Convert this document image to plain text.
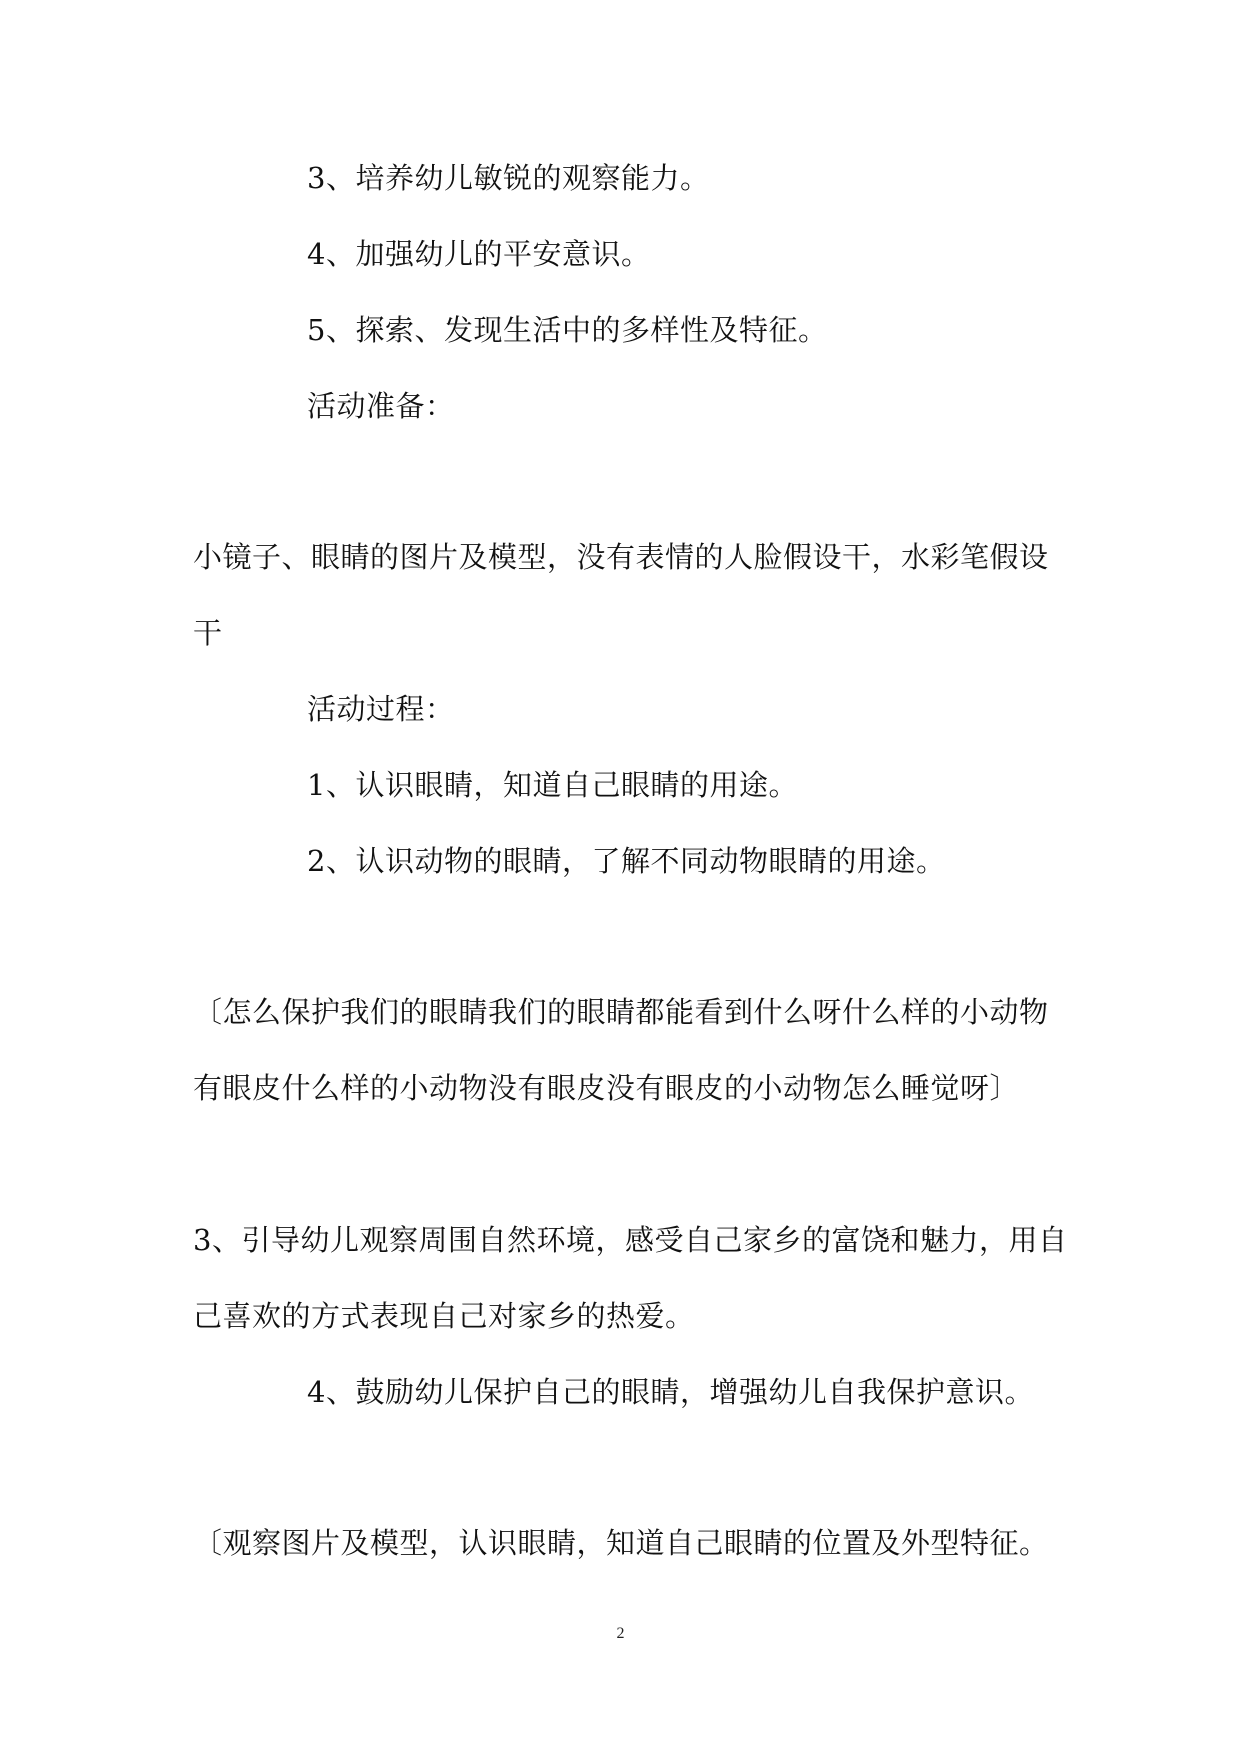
3、培养幼儿敏锐的观察能力。
4、加强幼儿的平安意识。
5、探索、发现生活中的多样性及特征。
活动准备：
小镜子、眼睛的图片及模型，没有表情的人脸假设干，水彩笔假设
干
活动过程：
1、认识眼睛，知道自己眼睛的用途。
2、认识动物的眼睛，了解不同动物眼睛的用途。
〔怎么保护我们的眼睛我们的眼睛都能看到什么呀什么样的小动物
有眼皮什么样的小动物没有眼皮没有眼皮的小动物怎么睡觉呀〕
3、引导幼儿观察周围自然环境，感受自己家乡的富饶和魅力，用自
己喜欢的方式表现自己对家乡的热爱。
4、鼓励幼儿保护自己的眼睛，增强幼儿自我保护意识。
〔观察图片及模型，认识眼睛，知道自己眼睛的位置及外型特征。
2
